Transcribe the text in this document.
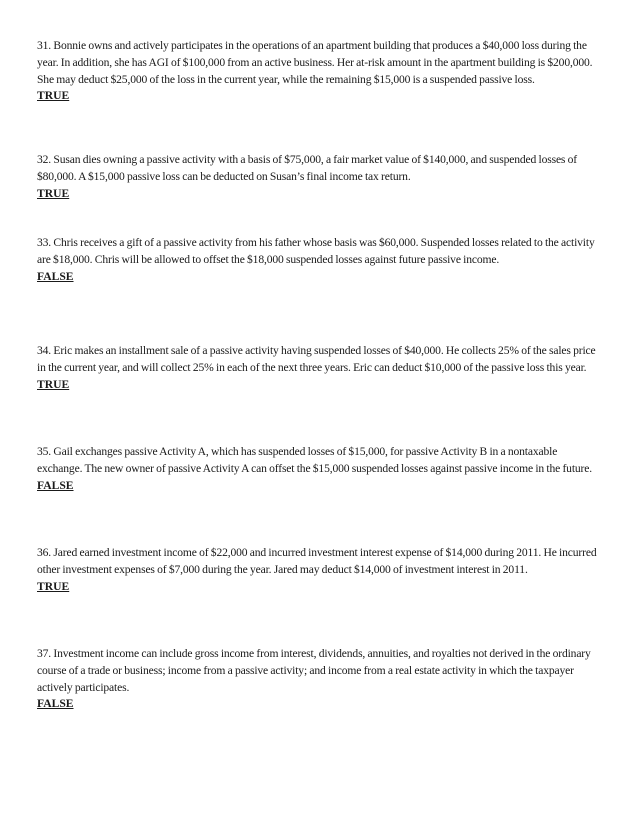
31. Bonnie owns and actively participates in the operations of an apartment building that produces a $40,000 loss during the year. In addition, she has AGI of $100,000 from an active business. Her at-risk amount in the apartment building is $200,000. She may deduct $25,000 of the loss in the current year, while the remaining $15,000 is a suspended passive loss.

TRUE

32. Susan dies owning a passive activity with a basis of $75,000, a fair market value of $140,000, and suspended losses of $80,000. A $15,000 passive loss can be deducted on Susan’s final income tax return.

TRUE

33. Chris receives a gift of a passive activity from his father whose basis was $60,000. Suspended losses related to the activity are $18,000. Chris will be allowed to offset the $18,000 suspended losses against future passive income.

FALSE

34. Eric makes an installment sale of a passive activity having suspended losses of $40,000. He collects 25% of the sales price in the current year, and will collect 25% in each of the next three years. Eric can deduct $10,000 of the passive loss this year.

TRUE

35. Gail exchanges passive Activity A, which has suspended losses of $15,000, for passive Activity B in a nontaxable exchange. The new owner of passive Activity A can offset the $15,000 suspended losses against passive income in the future.

FALSE

36. Jared earned investment income of $22,000 and incurred investment interest expense of $14,000 during 2011. He incurred other investment expenses of $7,000 during the year. Jared may deduct $14,000 of investment interest in 2011.

TRUE

37. Investment income can include gross income from interest, dividends, annuities, and royalties not derived in the ordinary course of a trade or business; income from a passive activity; and income from a real estate activity in which the taxpayer actively participates.

FALSE
